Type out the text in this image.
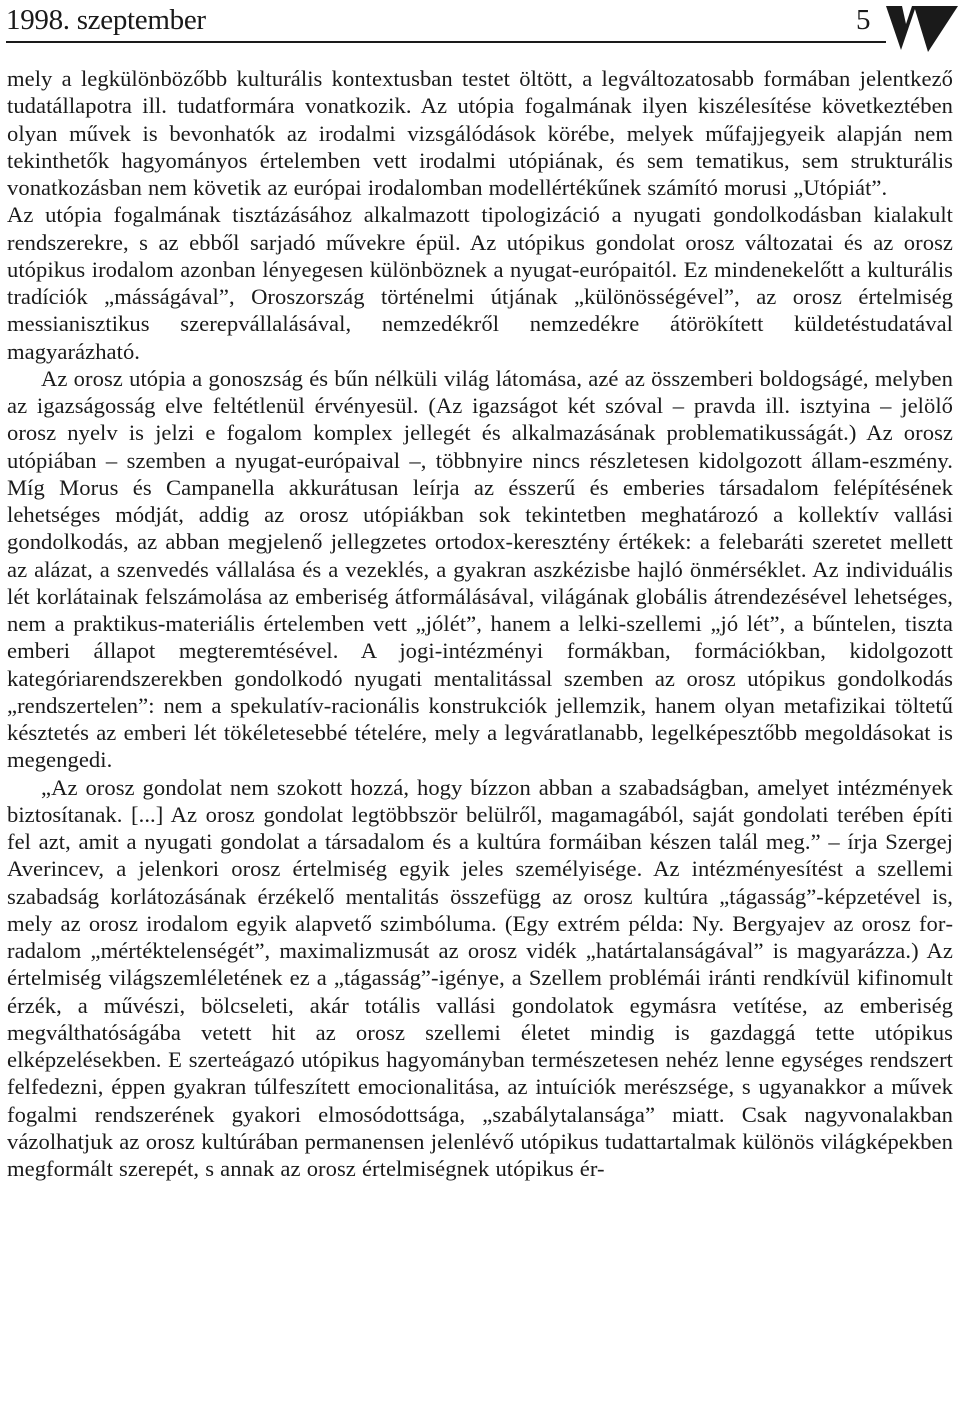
1998. szeptember	5

mely a legkülönbözőbb kulturális kontextusban testet öltött, a legváltozatosabb formában jelentkező tudatállapotra ill. tudatformára vonatkozik. Az utópia fogalmának ilyen kiszélesítése következtében olyan művek is bevonhatók az irodalmi vizsgálódások körébe, melyek műfajjegyeik alapján nem tekinthetők hagyományos értelemben vett irodalmi utópiának, és sem tematikus, sem strukturális vonatkozásban nem követik az európai irodalomban modellértékűnek számító morusi „Utópiát”.

Az utópia fogalmának tisztázásához alkalmazott tipologizáció a nyugati gondolkodásban kialakult rendszerekre, s az ebből sarjadó művekre épül. Az utópikus gondolat orosz változatai és az orosz utópikus irodalom azonban lényegesen különböznek a nyugat-európaitól. Ez mindenekelőtt a kulturális tradíciók „másságával”, Oroszország történelmi útjának „különösségével”, az orosz értelmiség messianisztikus szerepvállalásával, nemzedékről nemzedékre átörökített küldetéstudatával magyarázható.

Az orosz utópia a gonoszság és bűn nélküli világ látomása, azé az összemberi boldogságé, melyben az igazságosság elve feltétlenül érvényesül. (Az igazságot két szóval – pravda ill. isztyina – jelölő orosz nyelv is jelzi e fogalom komplex jellegét és alkalmazásának problematikusságát.) Az orosz utópiában – szemben a nyugat-európaival –, többnyire nincs részletesen kidolgozott állam-eszmény. Míg Morus és Campanella akkurátusan leírja az ésszerű és emberies társadalom felépítésének lehetséges módját, addig az orosz utópiákban sok tekintetben meghatározó a kollektív vallási gondolkodás, az abban megjelenő jellegzetes ortodox-keresztény értékek: a felebaráti szeretet mellett az alázat, a szenvedés vállalása és a vezeklés, a gyakran aszkézisbe hajló önmérséklet. Az individuális lét korlátainak felszámolása az emberiség átformálásával, világának globális átrendezésével lehetséges, nem a praktikus-materiális értelemben vett „jólét”, hanem a lelki-szellemi „jó lét”, a bűntelen, tiszta emberi állapot megteremtésével. A jogi-intézményi formákban, formációkban, kidolgozott kategóriarendszerekben gondolkodó nyugati mentalitással szemben az orosz utópikus gondolkodás „rendszertelen”: nem a spekulatív-racionális konstrukciók jellemzik, hanem olyan metafizikai töltetű késztetés az emberi lét tökéletesebbé tételére, mely a legváratlanabb, legelképesztőbb megoldásokat is megengedi.

„Az orosz gondolat nem szokott hozzá, hogy bízzon abban a szabadságban, amelyet intézmények biztosítanak. [...] Az orosz gondolat legtöbbször belülről, magamagából, saját gondolati terében építi fel azt, amit a nyugati gondolat a társadalom és a kultúra formáiban készen talál meg.” – írja Szergej Averincev, a jelenkori orosz értelmiség egyik jeles személyisége. Az intézményesítést a szellemi szabadság korlátozásának érzékelő mentalitás összefügg az orosz kultúra „tágasság”-képzetével is, mely az orosz irodalom egyik alapvető szimbóluma. (Egy extrém példa: Ny. Bergyajev az orosz forradalom „mértéktelenségét”, maximalizmusát az orosz vidék „határtalanságával” is magyarázza.) Az értelmiség világszemléletének ez a „tágasság”-igénye, a Szellem problémái iránti rendkívül kifinomult érzék, a művészi, bölcseleti, akár totális vallási gondolatok egymásra vetítése, az emberiség megválthatóságába vetett hit az orosz szellemi életet mindig is gazdaggá tette utópikus elképzelésekben. E szerteágazó utópikus hagyományban természetesen nehéz lenne egységes rendszert felfedezni, éppen gyakran túlfeszített emocionalitása, az intuíciók merészsége, s ugyanakkor a művek fogalmi rendszerének gyakori elmosódottsága, „szabálytalansága” miatt. Csak nagyvonalakban vázolhatjuk az orosz kultúrában permanensen jelenlévő utópikus tudattartalmak különös világképekben megformált szerepét, s annak az orosz értelmiségnek utópikus ér-
